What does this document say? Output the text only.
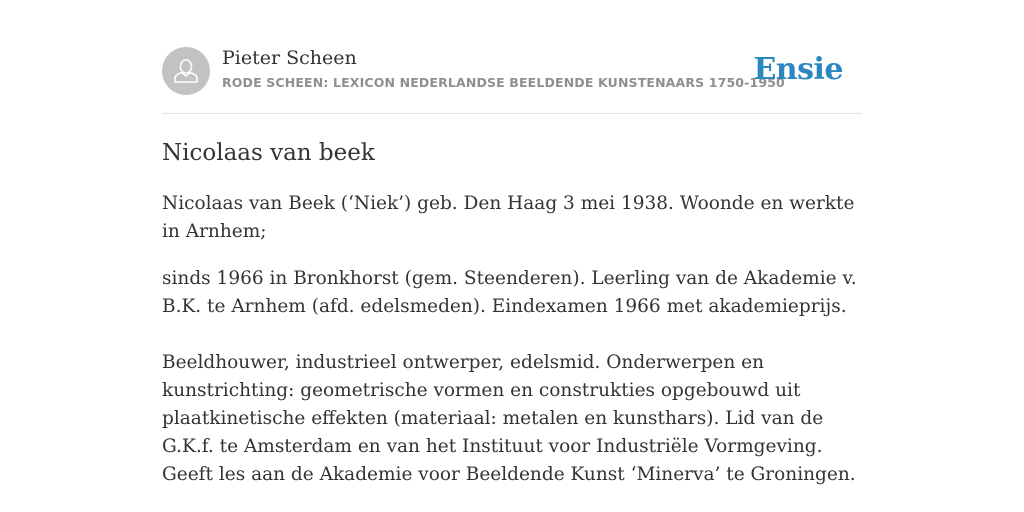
Pieter Scheen
RODE SCHEEN: LEXICON NEDERLANDSE BEELDENDE KUNSTENAARS 1750-1950
Ensie
Nicolaas van beek

Nicolaas van Beek (‘Niek’) geb. Den Haag 3 mei 1938. Woonde en werkte in Arnhem;

sinds 1966 in Bronkhorst (gem. Steenderen). Leerling van de Akademie v. B.K. te Arnhem (afd. edelsmeden). Eindexamen 1966 met akademieprijs.

Beeldhouwer, industrieel ontwerper, edelsmid. Onderwerpen en kunstrichting: geometrische vormen en construkties opgebouwd uit plaatkinetische effekten (materiaal: metalen en kunsthars). Lid van de G.K.f. te Amsterdam en van het Instituut voor Industriële Vormgeving. Geeft les aan de Akademie voor Beeldende Kunst ‘Minerva’ te Groningen.
